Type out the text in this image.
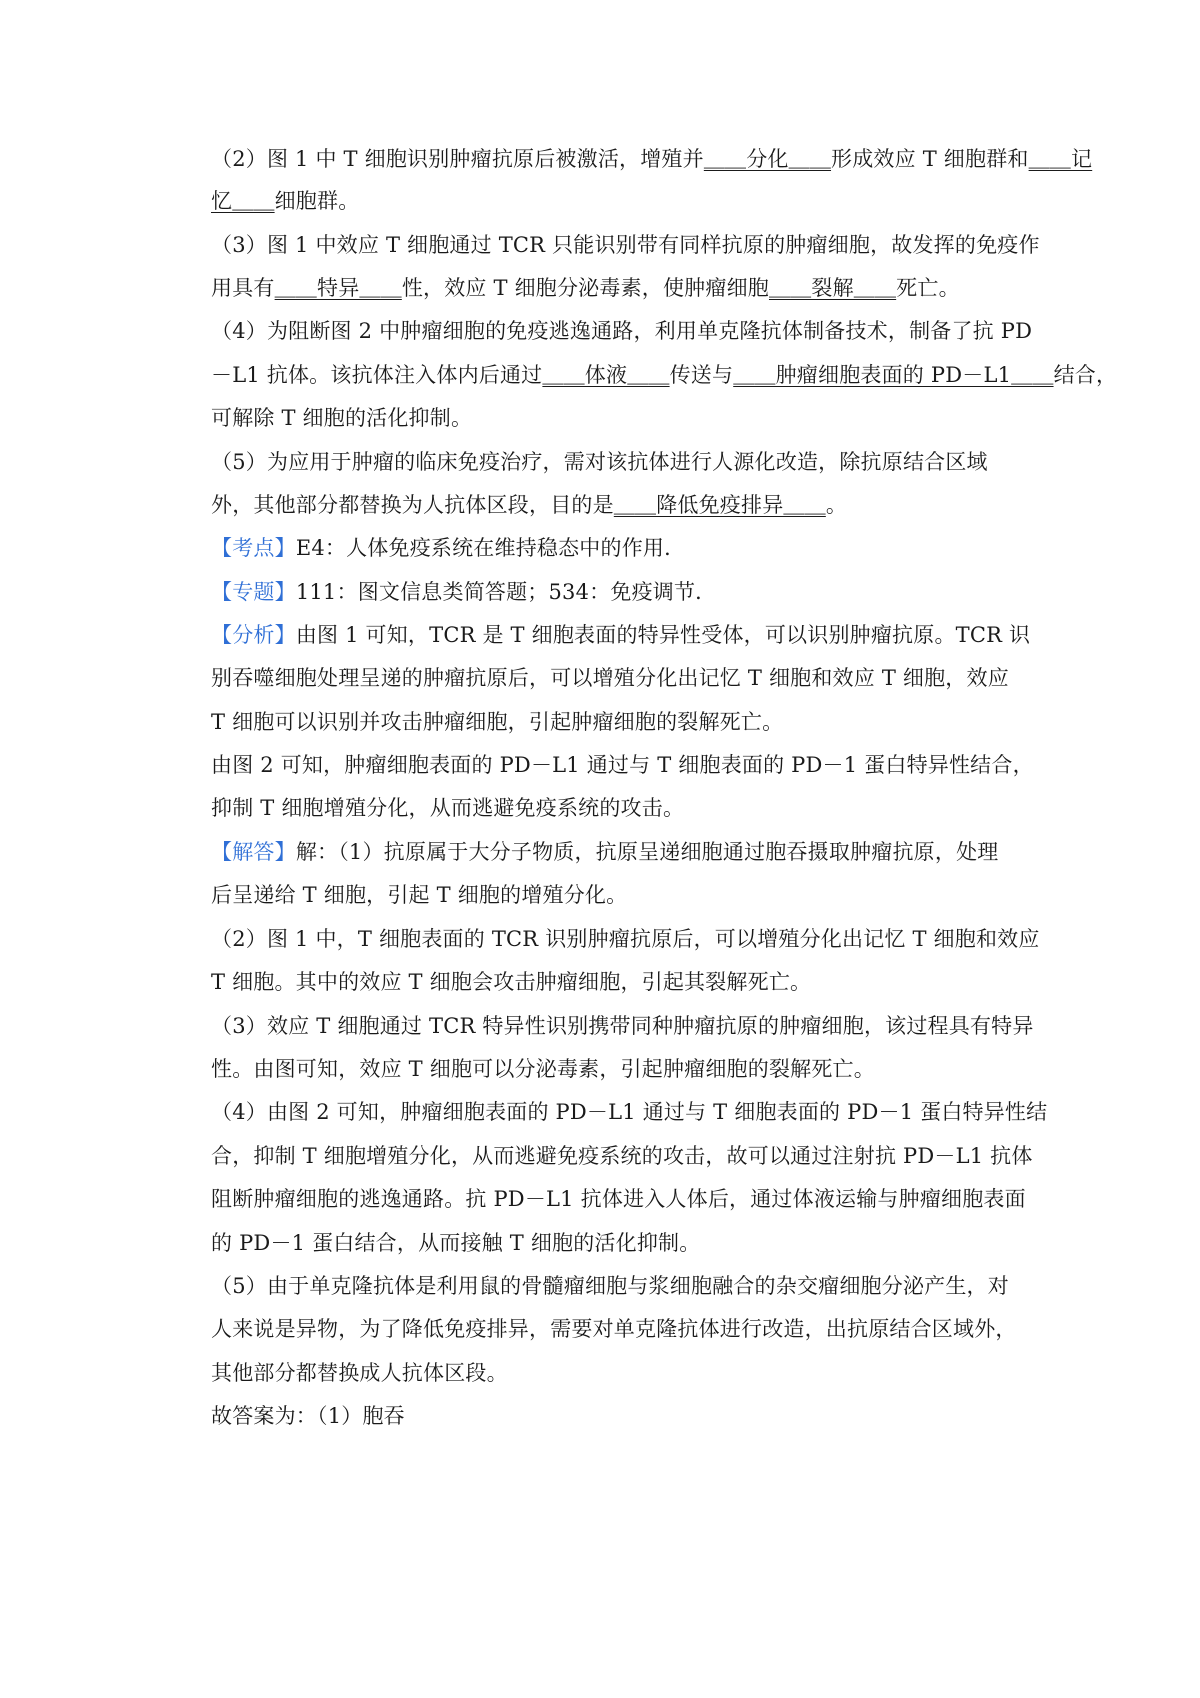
（2）图 1 中 T 细胞识别肿瘤抗原后被激活，增殖并＿＿分化＿＿形成效应 T 细胞群和＿＿记
忆＿＿细胞群。
（3）图 1 中效应 T 细胞通过 TCR 只能识别带有同样抗原的肿瘤细胞，故发挥的免疫作
用具有＿＿特异＿＿性，效应 T 细胞分泌毒素，使肿瘤细胞＿＿裂解＿＿死亡。
（4）为阻断图 2 中肿瘤细胞的免疫逃逸通路，利用单克隆抗体制备技术，制备了抗 PD
－L1 抗体。该抗体注入体内后通过＿＿体液＿＿传送与＿＿肿瘤细胞表面的 PD－L1＿＿结合，
可解除 T 细胞的活化抑制。
（5）为应用于肿瘤的临床免疫治疗，需对该抗体进行人源化改造，除抗原结合区域
外，其他部分都替换为人抗体区段，目的是＿＿降低免疫排异＿＿。
【考点】E4：人体免疫系统在维持稳态中的作用．
【专题】111：图文信息类简答题；534：免疫调节．
【分析】由图 1 可知，TCR 是 T 细胞表面的特异性受体，可以识别肿瘤抗原。TCR 识
别吞噬细胞处理呈递的肿瘤抗原后，可以增殖分化出记忆 T 细胞和效应 T 细胞，效应
T 细胞可以识别并攻击肿瘤细胞，引起肿瘤细胞的裂解死亡。
由图 2 可知，肿瘤细胞表面的 PD－L1 通过与 T 细胞表面的 PD－1 蛋白特异性结合，
抑制 T 细胞增殖分化，从而逃避免疫系统的攻击。
【解答】解：（1）抗原属于大分子物质，抗原呈递细胞通过胞吞摄取肿瘤抗原，处理
后呈递给 T 细胞，引起 T 细胞的增殖分化。
（2）图 1 中，T 细胞表面的 TCR 识别肿瘤抗原后，可以增殖分化出记忆 T 细胞和效应
T 细胞。其中的效应 T 细胞会攻击肿瘤细胞，引起其裂解死亡。
（3）效应 T 细胞通过 TCR 特异性识别携带同种肿瘤抗原的肿瘤细胞，该过程具有特异
性。由图可知，效应 T 细胞可以分泌毒素，引起肿瘤细胞的裂解死亡。
（4）由图 2 可知，肿瘤细胞表面的 PD－L1 通过与 T 细胞表面的 PD－1 蛋白特异性结
合，抑制 T 细胞增殖分化，从而逃避免疫系统的攻击，故可以通过注射抗 PD－L1 抗体
阻断肿瘤细胞的逃逸通路。抗 PD－L1 抗体进入人体后，通过体液运输与肿瘤细胞表面
的 PD－1 蛋白结合，从而接触 T 细胞的活化抑制。
（5）由于单克隆抗体是利用鼠的骨髓瘤细胞与浆细胞融合的杂交瘤细胞分泌产生，对
人来说是异物，为了降低免疫排异，需要对单克隆抗体进行改造，出抗原结合区域外，
其他部分都替换成人抗体区段。
故答案为：（1）胞吞
